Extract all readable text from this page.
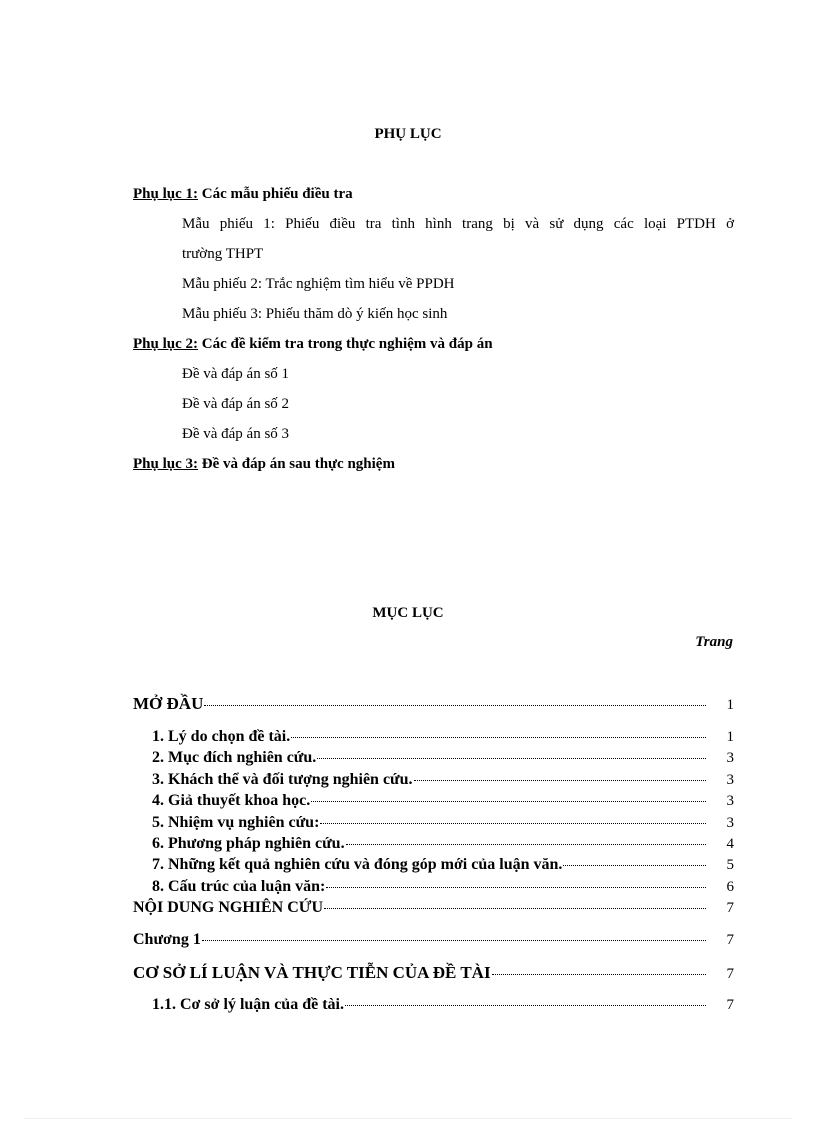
PHỤ LỤC
Phụ lục 1: Các mẫu phiếu điều tra
Mẫu phiếu 1: Phiếu điều tra tình hình trang bị và sử dụng các loại PTDH ở
trường THPT
Mẫu phiếu 2: Trắc nghiệm tìm hiểu về PPDH
Mẫu phiếu 3: Phiếu thăm dò ý kiến học sinh
Phụ lục 2: Các đề kiểm tra trong thực nghiệm và đáp án
Đề và đáp án số 1
Đề và đáp án số 2
Đề và đáp án số 3
Phụ lục 3: Đề và đáp án sau thực nghiệm
MỤC LỤC
Trang
MỞ ĐẦU	1
1. Lý do chọn đề tài.	1
2. Mục đích nghiên cứu.	3
3. Khách thể và đối tượng nghiên cứu.	3
4. Giả thuyết khoa học.	3
5. Nhiệm vụ nghiên cứu:	3
6. Phương pháp nghiên cứu.	4
7. Những kết quả nghiên cứu và đóng góp mới của luận văn.	5
8. Cấu trúc của luận văn:	6
NỘI DUNG NGHIÊN CỨU	7
Chương 1	7
CƠ SỞ LÍ LUẬN VÀ THỰC TIỄN CỦA ĐỀ TÀI	7
1.1. Cơ sở lý luận của đề tài.	7
